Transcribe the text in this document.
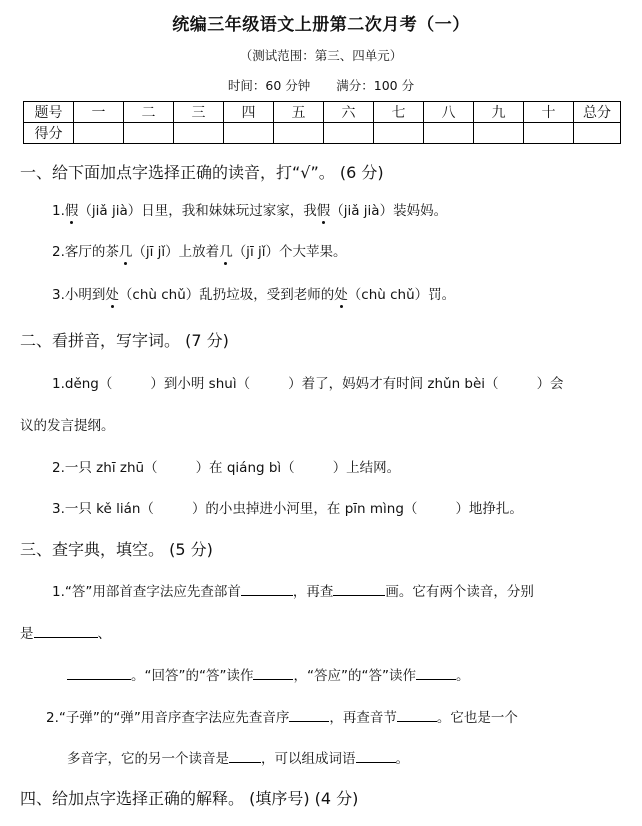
统编三年级语文上册第二次月考（一）
（测试范围：第三、四单元）
时间：60 分钟 满分：100 分
题号	一	二	三	四	五	六	七	八	九	十	总分
得分											
一、给下面加点字选择正确的读音，打“√”。 (6 分)
1.假（jiǎ jià）日里，我和妹妹玩过家家，我假（jiǎ jià）装妈妈。
2.客厅的茶几（jī jǐ）上放着几（jī jǐ）个大苹果。
3.小明到处（chù chǔ）乱扔垃圾，受到老师的处（chù chǔ）罚。
二、看拼音，写字词。 (7 分)
1.děng（	）到小明 shuì（	）着了，妈妈才有时间 zhǔn bèi（	）会
议的发言提纲。
2.一只 zhī zhū（	）在 qiáng bì（	）上结网。
3.一只 kě lián（	）的小虫掉进小河里，在 pīn mìng（	）地挣扎。
三、查字典，填空。 (5 分)
1.“答”用部首查字法应先查部首	，再查	画。它有两个读音，分别
是	、
。“回答”的“答”读作	，“答应”的“答”读作	。
2.“子弹”的“弹”用音序查字法应先查音序	，再查音节	。它也是一个
多音字，它的另一个读音是 ，可以组成词语	。
四、给加点字选择正确的解释。 (填序号) (4 分)
